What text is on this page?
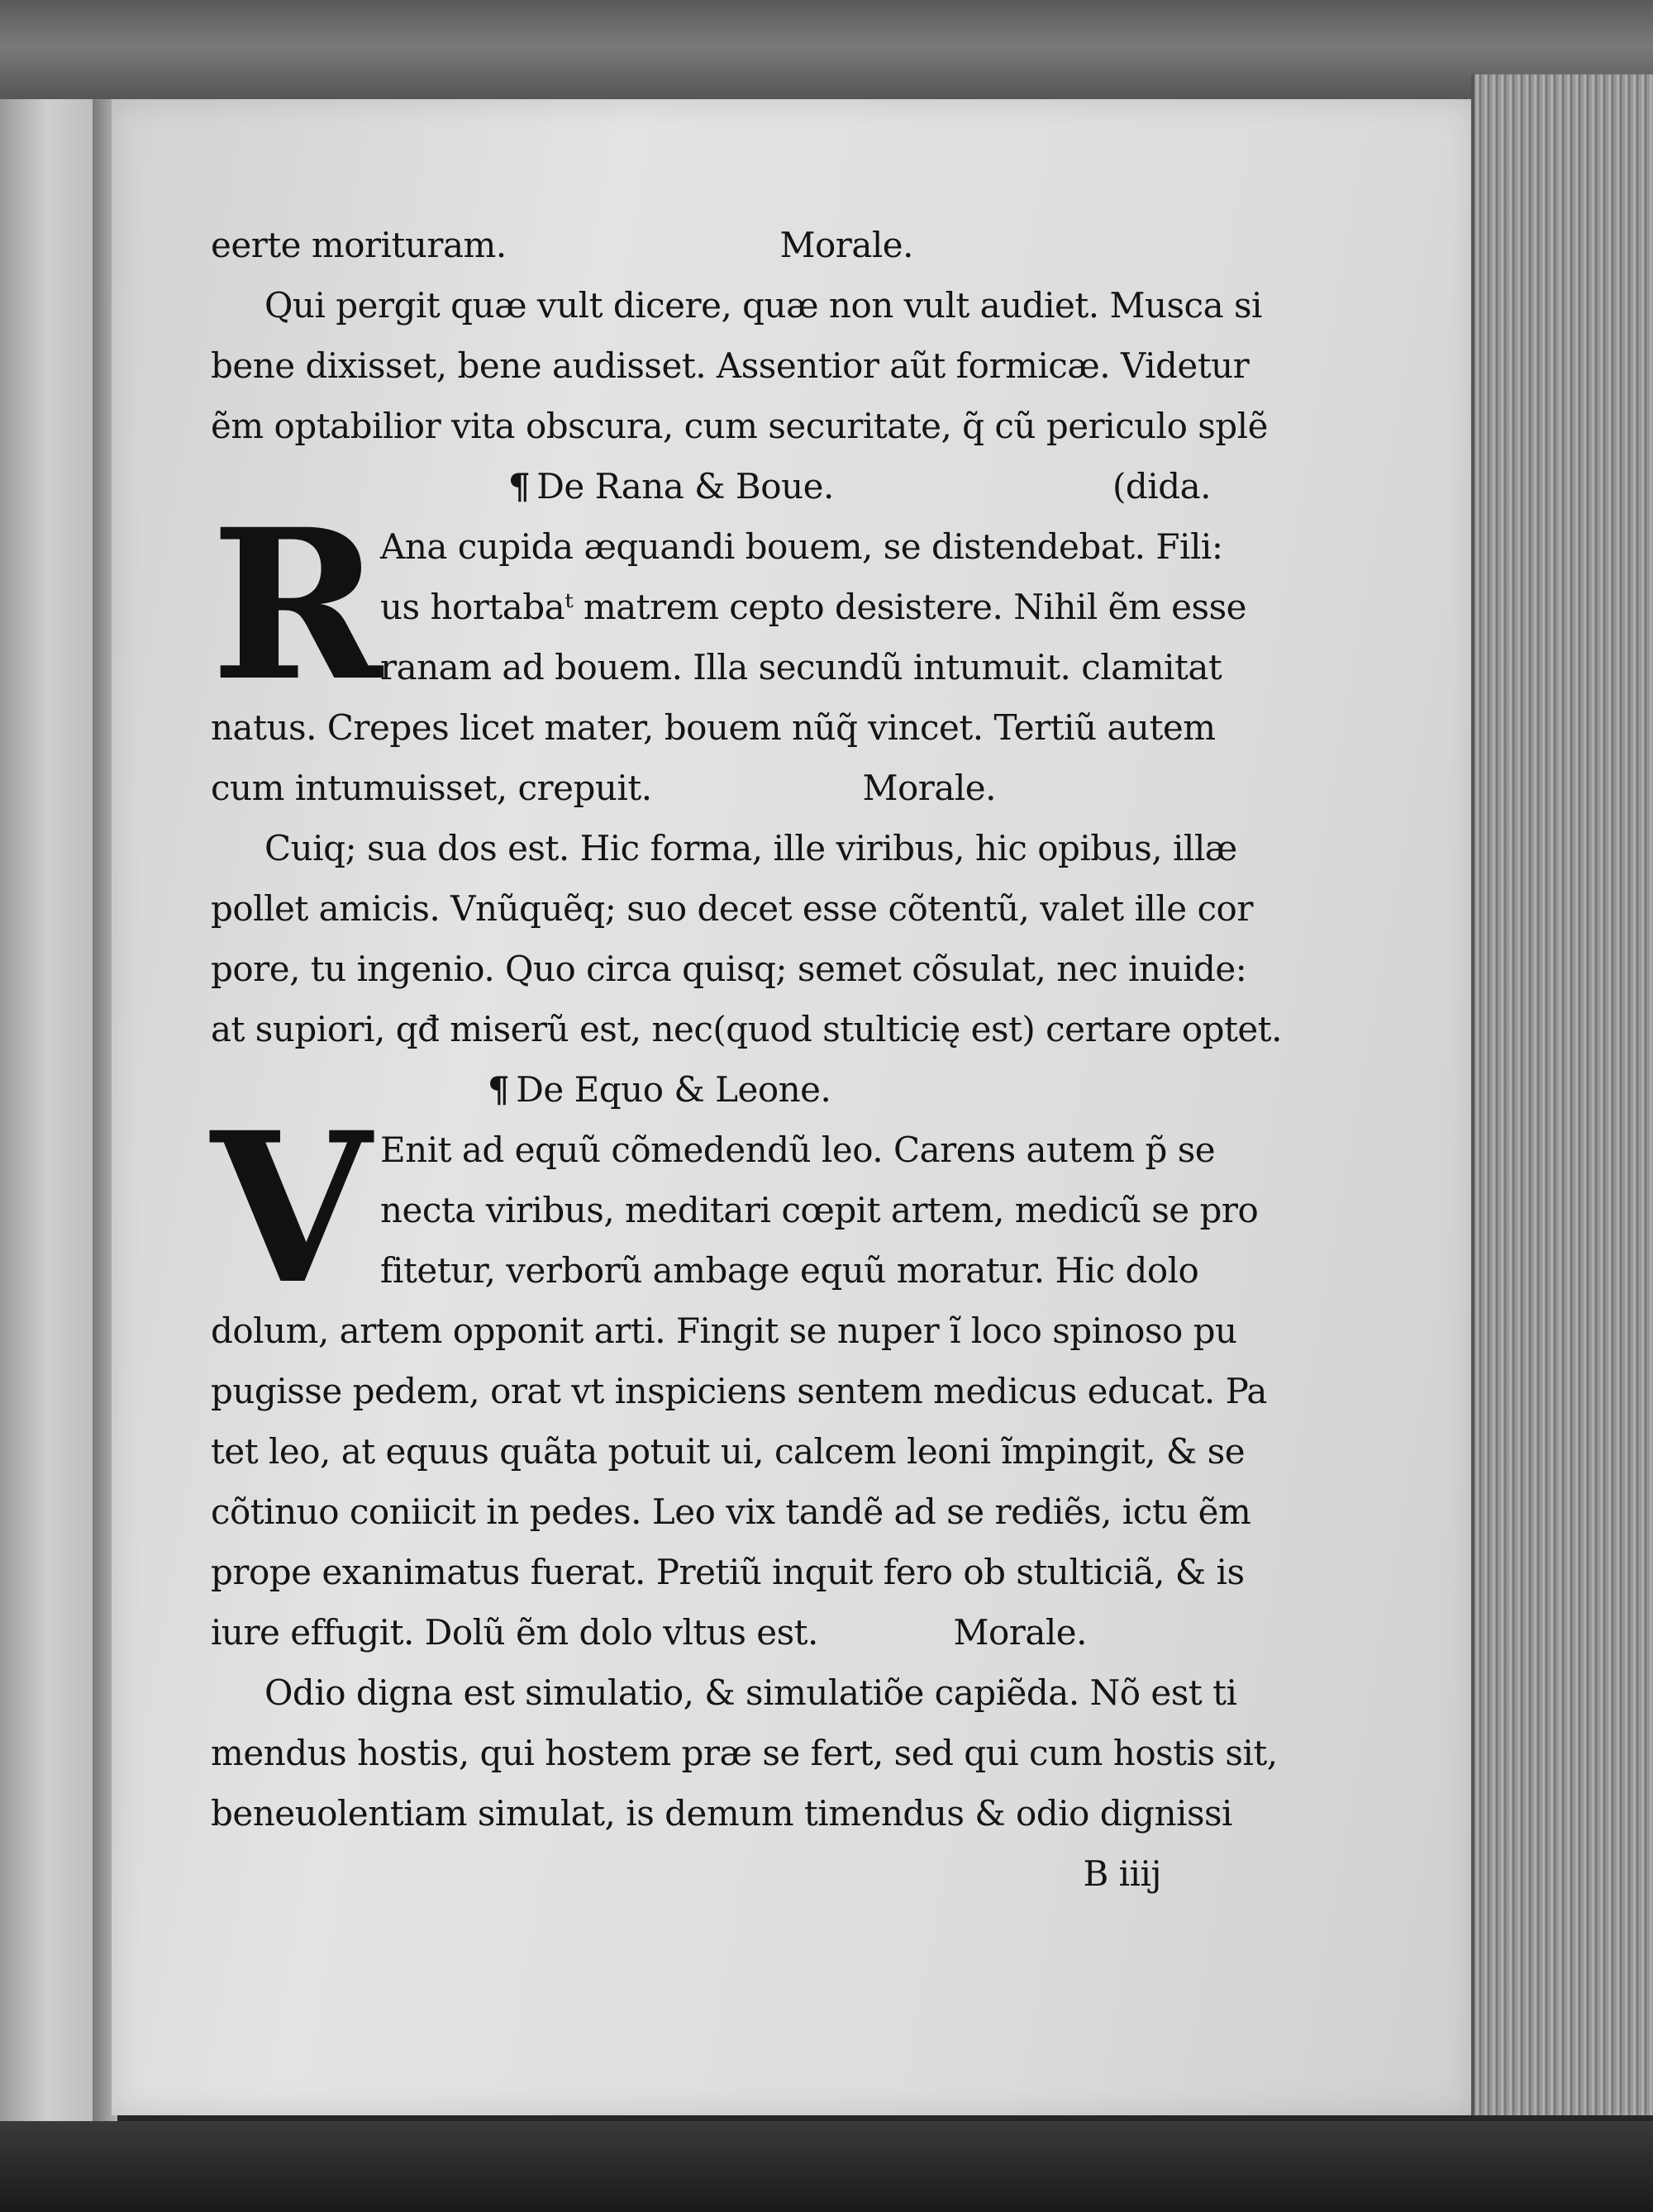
eerte morituram.	Morale.
Qui pergit quæ vult dicere, quæ non vult audiet. Musca si
bene dixisset, bene audisset. Assentior aũt formicæ. Videtur
ẽm optabilior vita obscura, cum securitate, q̃ cũ periculo splẽ
¶ De Rana & Boue.	(dida.
R
Ana cupida æquandi bouem, se distendebat. Fili:
us hortabaᵗ matrem cepto desistere. Nihil ẽm esse
ranam ad bouem. Illa secundũ intumuit. clamitat
natus. Crepes licet mater, bouem nũq̃ vincet. Tertiũ autem
cum intumuisset, crepuit.	Morale.
Cuiq; sua dos est. Hic forma, ille viribus, hic opibus, illæ
pollet amicis. Vnũquẽq; suo decet esse cõtentũ, valet ille cor
pore, tu ingenio. Quo circa quisq; semet cõsulat, nec inuide:
at supiori, qđ miserũ est, nec(quod stulticię est) certare optet.
¶ De Equo & Leone.
V Enit ad equũ cõmedendũ leo. Carens autem p̃ se
necta viribus, meditari cœpit artem, medicũ se pro
fitetur, verborũ ambage equũ moratur. Hic dolo
dolum, artem opponit arti. Fingit se nuper ĩ loco spinoso pu
pugisse pedem, orat vt inspiciens sentem medicus educat. Pa
tet leo, at equus quãta potuit ui, calcem leoni ĩmpingit, & se
cõtinuo coniicit in pedes. Leo vix tandẽ ad se rediẽs, ictu ẽm
prope exanimatus fuerat. Pretiũ inquit fero ob stulticiã, & is
iure effugit. Dolũ ẽm dolo vltus est.	Morale.
Odio digna est simulatio, & simulatiõe capiẽda. Nõ est ti
mendus hostis, qui hostem præ se fert, sed qui cum hostis sit,
beneuolentiam simulat, is demum timendus & odio dignissi
B iiij
